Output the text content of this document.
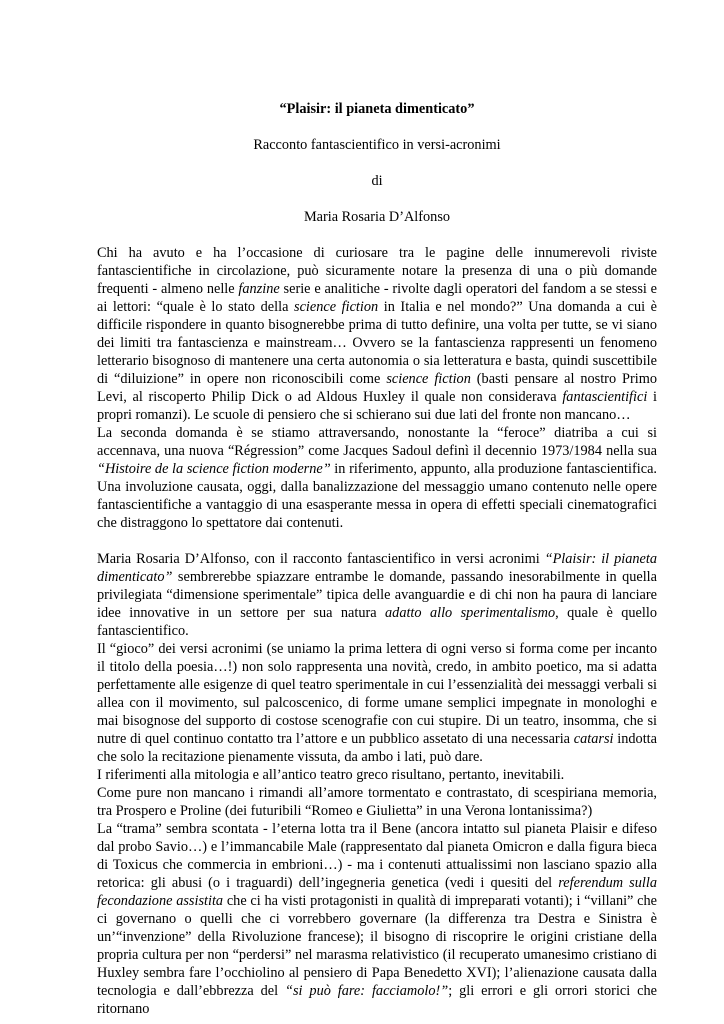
“Plaisir: il pianeta dimenticato”
Racconto fantascientifico in versi-acronimi
di
Maria Rosaria D’Alfonso

Chi ha avuto e ha l’occasione di curiosare tra le pagine delle innumerevoli riviste fantascientifiche in circolazione, può sicuramente notare la presenza di una o più domande frequenti - almeno nelle fanzine serie e analitiche - rivolte dagli operatori del fandom a se stessi e ai lettori: “quale è lo stato della science fiction in Italia e nel mondo?” Una domanda a cui è difficile rispondere in quanto bisognerebbe prima di tutto definire, una volta per tutte, se vi siano dei limiti tra fantascienza e mainstream… Ovvero se la fantascienza rappresenti un fenomeno letterario bisognoso di mantenere una certa autonomia o sia letteratura e basta, quindi suscettibile di “diluizione” in opere non riconoscibili come science fiction (basti pensare al nostro Primo Levi, al riscoperto Philip Dick o ad Aldous Huxley il quale non considerava fantascientifici i propri romanzi). Le scuole di pensiero che si schierano sui due lati del fronte non mancano…

La seconda domanda è se stiamo attraversando, nonostante la “feroce” diatriba a cui si accennava, una nuova “Régression” come Jacques Sadoul definì il decennio 1973/1984 nella sua “Histoire de la science fiction moderne” in riferimento, appunto, alla produzione fantascientifica. Una involuzione causata, oggi, dalla banalizzazione del messaggio umano contenuto nelle opere fantascientifiche a vantaggio di una esasperante messa in opera di effetti speciali cinematografici che distraggono lo spettatore dai contenuti.

Maria Rosaria D’Alfonso, con il racconto fantascientifico in versi acronimi “Plaisir: il pianeta dimenticato” sembrerebbe spiazzare entrambe le domande, passando inesorabilmente in quella privilegiata “dimensione sperimentale” tipica delle avanguardie e di chi non ha paura di lanciare idee innovative in un settore per sua natura adatto allo sperimentalismo, quale è quello fantascientifico.

Il “gioco” dei versi acronimi (se uniamo la prima lettera di ogni verso si forma come per incanto il titolo della poesia…!) non solo rappresenta una novità, credo, in ambito poetico, ma si adatta perfettamente alle esigenze di quel teatro sperimentale in cui l’essenzialità dei messaggi verbali si allea con il movimento, sul palcoscenico, di forme umane semplici impegnate in monologhi e mai bisognose del supporto di costose scenografie con cui stupire. Di un teatro, insomma, che si nutre di quel continuo contatto tra l’attore e un pubblico assetato di una necessaria catarsi indotta che solo la recitazione pienamente vissuta, da ambo i lati, può dare.

I riferimenti alla mitologia e all’antico teatro greco risultano, pertanto, inevitabili.

Come pure non mancano i rimandi all’amore tormentato e contrastato, di scespiriana memoria, tra Prospero e Proline (dei futuribili “Romeo e Giulietta” in una Verona lontanissima?)

La “trama” sembra scontata - l’eterna lotta tra il Bene (ancora intatto sul pianeta Plaisir e difeso dal probo Savio…) e l’immancabile Male (rappresentato dal pianeta Omicron e dalla figura bieca di Toxicus che commercia in embrioni…) - ma i contenuti attualissimi non lasciano spazio alla retorica: gli abusi (o i traguardi) dell’ingegneria genetica (vedi i quesiti del referendum sulla fecondazione assistita che ci ha visti protagonisti in qualità di impreparati votanti); i “villani” che ci governano o quelli che ci vorrebbero governare (la differenza tra Destra e Sinistra è un’“invenzione” della Rivoluzione francese); il bisogno di riscoprire le origini cristiane della propria cultura per non “perdersi” nel marasma relativistico (il recuperato umanesimo cristiano di Huxley sembra fare l’occhiolino al pensiero di Papa Benedetto XVI); l’alienazione causata dalla tecnologia e dall’ebbrezza del “si può fare: facciamolo!”; gli errori e gli orrori storici che ritornano
